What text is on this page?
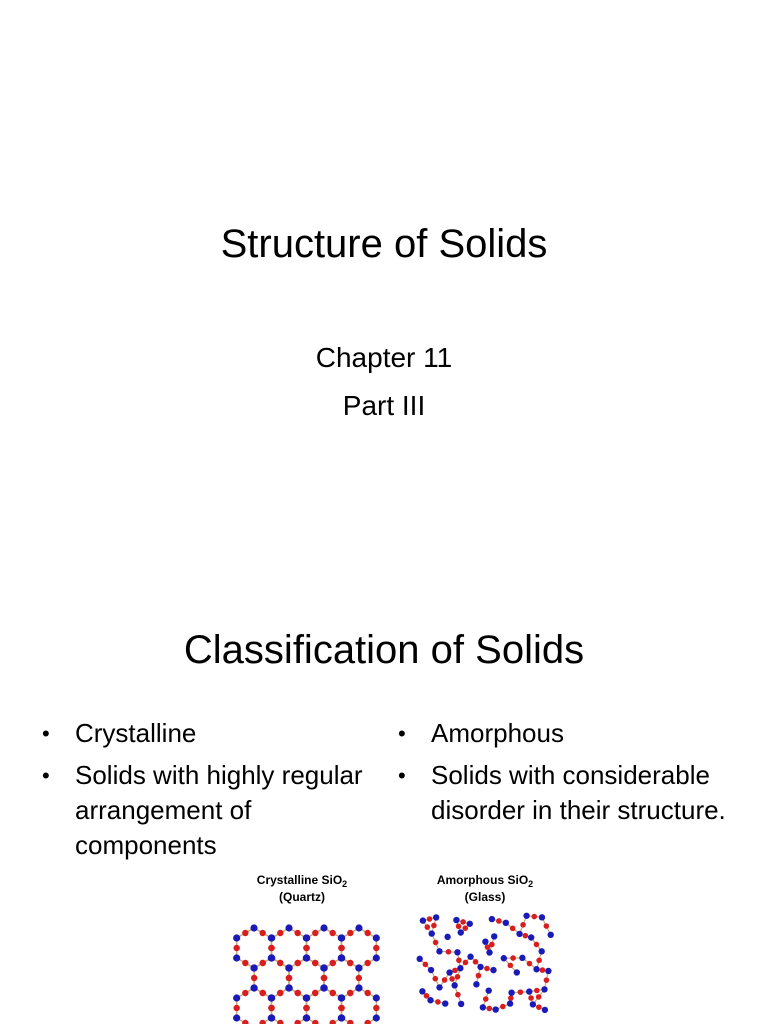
Structure of Solids
Chapter 11
Part III
Classification of Solids
• Crystalline
• Solids with highly regular arrangement of components
• Amorphous
• Solids with considerable disorder in their structure.
Crystalline SiO$_2$
(Quartz)
Amorphous SiO$_2$
(Glass)
